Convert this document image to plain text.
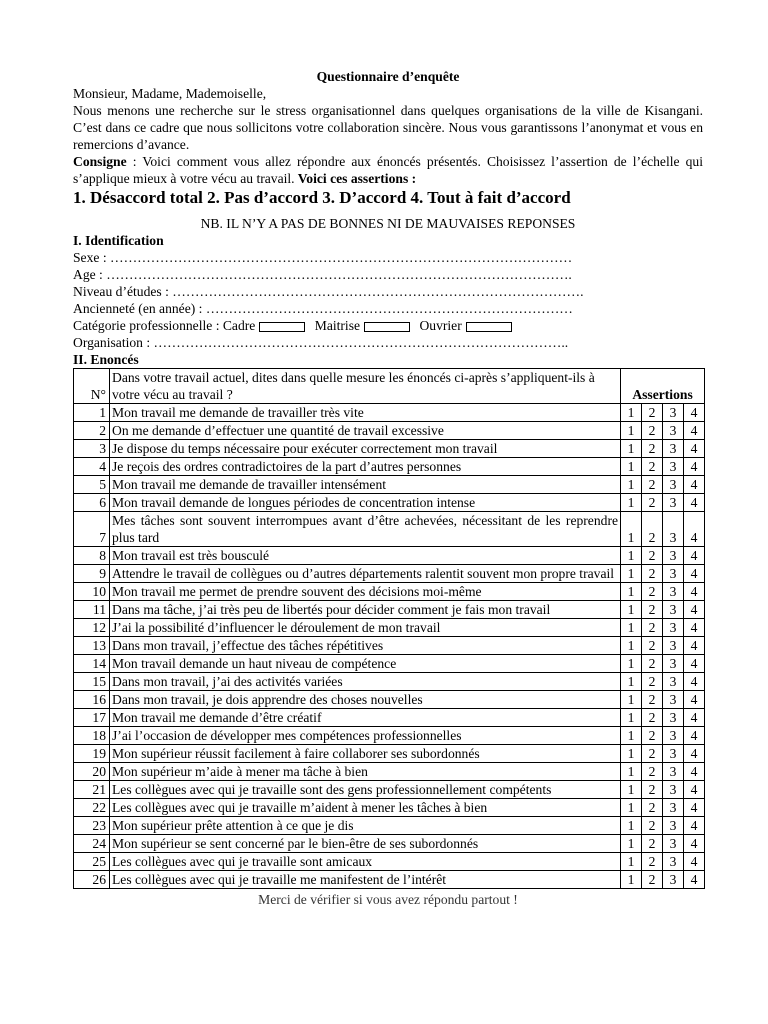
Questionnaire d’enquête

Monsieur, Madame, Mademoiselle,

Nous menons une recherche sur le stress organisationnel dans quelques organisations de la ville de Kisangani. C’est dans ce cadre que nous sollicitons votre collaboration sincère. Nous vous garantissons l’anonymat et vous en remercions d’avance.

Consigne : Voici comment vous allez répondre aux énoncés présentés. Choisissez l’assertion de l’échelle qui s’applique mieux à votre vécu au travail. Voici ces assertions :

1. Désaccord total 2. Pas d’accord 3. D’accord 4. Tout à fait d’accord

NB. IL N’Y A PAS DE BONNES NI DE MAUVAISES REPONSES

I. Identification

Sexe : …………………………………………………………………………………………

Age : ………………………………………………………………………………………….

Niveau d’études : ……………………………………………………………………………….

Ancienneté (en année) : ………………………………………………………………………

Catégorie professionnelle : Cadre	Maitrise	Ouvrier

Organisation : ………………………………………………………………………………..

II. Enoncés

N°	Dans votre travail actuel, dites dans quelle mesure les énoncés ci-après s’appliquent-ils à votre vécu au travail ?	Assertions			
1	Mon travail me demande de travailler très vite	1	2	3	4
2	On me demande d’effectuer une quantité de travail excessive	1	2	3	4
3	Je dispose du temps nécessaire pour exécuter correctement mon travail	1	2	3	4
4	Je reçois des ordres contradictoires de la part d’autres personnes	1	2	3	4
5	Mon travail me demande de travailler intensément	1	2	3	4
6	Mon travail demande de longues périodes de concentration intense	1	2	3	4
7	Mes tâches sont souvent interrompues avant d’être achevées, nécessitant de les reprendre plus tard	1	2	3	4
8	Mon travail est très bousculé	1	2	3	4
9	Attendre le travail de collègues ou d’autres départements ralentit souvent mon propre travail	1	2	3	4
10	Mon travail me permet de prendre souvent des décisions moi-même	1	2	3	4
11	Dans ma tâche, j’ai très peu de libertés pour décider comment je fais mon travail	1	2	3	4
12	J’ai la possibilité d’influencer le déroulement de mon travail	1	2	3	4
13	Dans mon travail, j’effectue des tâches répétitives	1	2	3	4
14	Mon travail demande un haut niveau de compétence	1	2	3	4
15	Dans mon travail, j’ai des activités variées	1	2	3	4
16	Dans mon travail, je dois apprendre des choses nouvelles	1	2	3	4
17	Mon travail me demande d’être créatif	1	2	3	4
18	J’ai l’occasion de développer mes compétences professionnelles	1	2	3	4
19	Mon supérieur réussit facilement à faire collaborer ses subordonnés	1	2	3	4
20	Mon supérieur m’aide à mener ma tâche à bien	1	2	3	4
21	Les collègues avec qui je travaille sont des gens professionnellement compétents	1	2	3	4
22	Les collègues avec qui je travaille m’aident à mener les tâches à bien	1	2	3	4
23	Mon supérieur prête attention à ce que je dis	1	2	3	4
24	Mon supérieur se sent concerné par le bien-être de ses subordonnés	1	2	3	4
25	Les collègues avec qui je travaille sont amicaux	1	2	3	4
26	Les collègues avec qui je travaille me manifestent de l’intérêt	1	2	3	4

Merci de vérifier si vous avez répondu partout !
